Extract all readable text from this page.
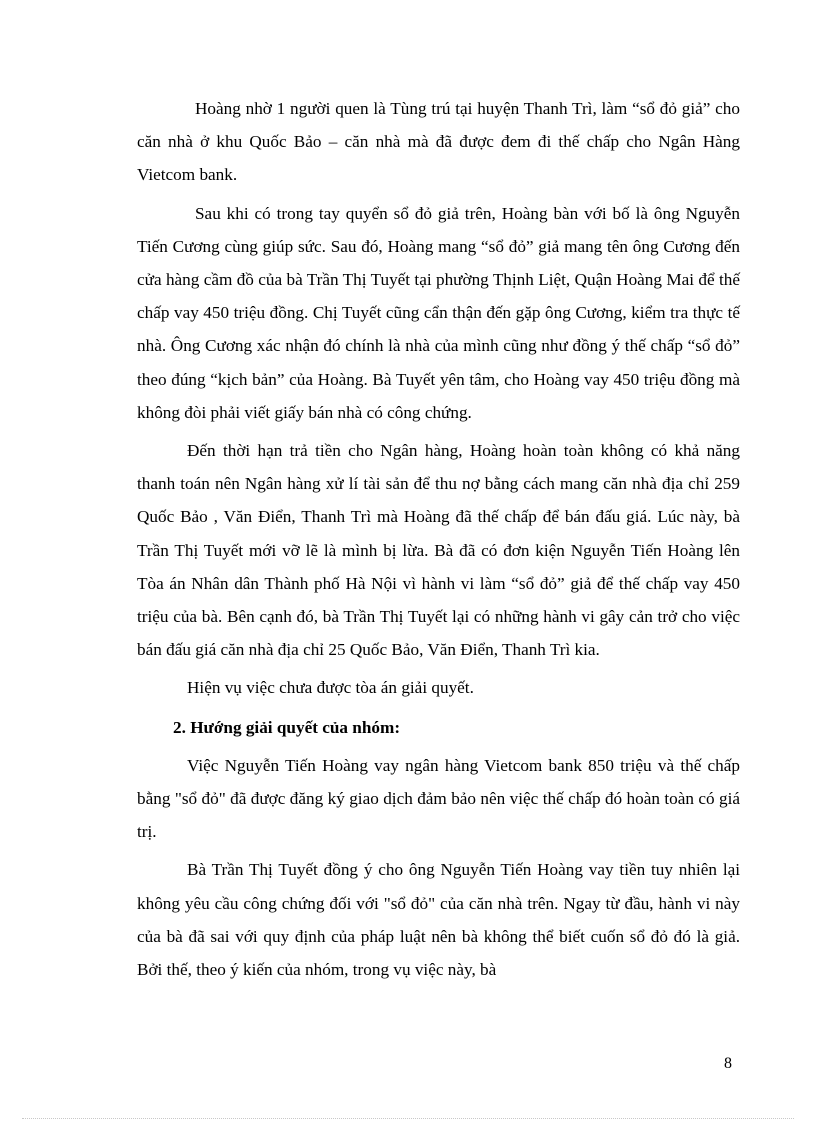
Hoàng nhờ 1 người quen là Tùng trú tại huyện Thanh Trì, làm “sổ đỏ giả” cho căn nhà ở khu Quốc Bảo – căn nhà mà đã được đem đi thế chấp cho Ngân Hàng Vietcom bank.

Sau khi có trong tay quyển sổ đỏ giả trên, Hoàng bàn với bố là ông Nguyễn Tiến Cương cùng giúp sức. Sau đó, Hoàng mang “sổ đỏ” giả mang tên ông Cương đến cửa hàng cầm đồ của bà Trần Thị Tuyết tại phường Thịnh Liệt, Quận Hoàng Mai để thế chấp vay 450 triệu đồng. Chị Tuyết cũng cẩn thận đến gặp ông Cương, kiểm tra thực tế nhà. Ông Cương xác nhận đó chính là nhà của mình cũng như đồng ý thế chấp “sổ đỏ” theo đúng “kịch bản” của Hoàng. Bà Tuyết yên tâm, cho Hoàng vay 450 triệu đồng mà không đòi phải viết giấy bán nhà có công chứng.

Đến thời hạn trả tiền cho Ngân hàng, Hoàng hoàn toàn không có khả năng thanh toán nên Ngân hàng xử lí tài sản để thu nợ bằng cách mang căn nhà địa chỉ 259 Quốc Bảo , Văn Điển, Thanh Trì mà Hoàng đã thế chấp để bán đấu giá. Lúc này, bà Trần Thị Tuyết mới vỡ lẽ là mình bị lừa. Bà đã có đơn kiện Nguyễn Tiến Hoàng lên Tòa án Nhân dân Thành phố Hà Nội vì hành vi làm “sổ đỏ” giả để thế chấp vay 450 triệu của bà. Bên cạnh đó, bà Trần Thị Tuyết lại có những hành vi gây cản trở cho việc bán đấu giá căn nhà địa chỉ 25 Quốc Bảo, Văn Điển, Thanh Trì kia.

Hiện vụ việc chưa được tòa án giải quyết.

2. Hướng giải quyết của nhóm:

Việc Nguyễn Tiến Hoàng vay ngân hàng Vietcom bank 850 triệu và thế chấp bằng "sổ đỏ" đã được đăng ký giao dịch đảm bảo nên việc thế chấp đó hoàn toàn có giá trị.

Bà Trần Thị Tuyết đồng ý cho ông Nguyễn Tiến Hoàng vay tiền tuy nhiên lại không yêu cầu công chứng đối với "sổ đỏ" của căn nhà trên. Ngay từ đầu, hành vi này của bà đã sai với quy định của pháp luật nên bà không thể biết cuốn sổ đỏ đó là giả. Bởi thế, theo ý kiến của nhóm, trong vụ việc này, bà

8
